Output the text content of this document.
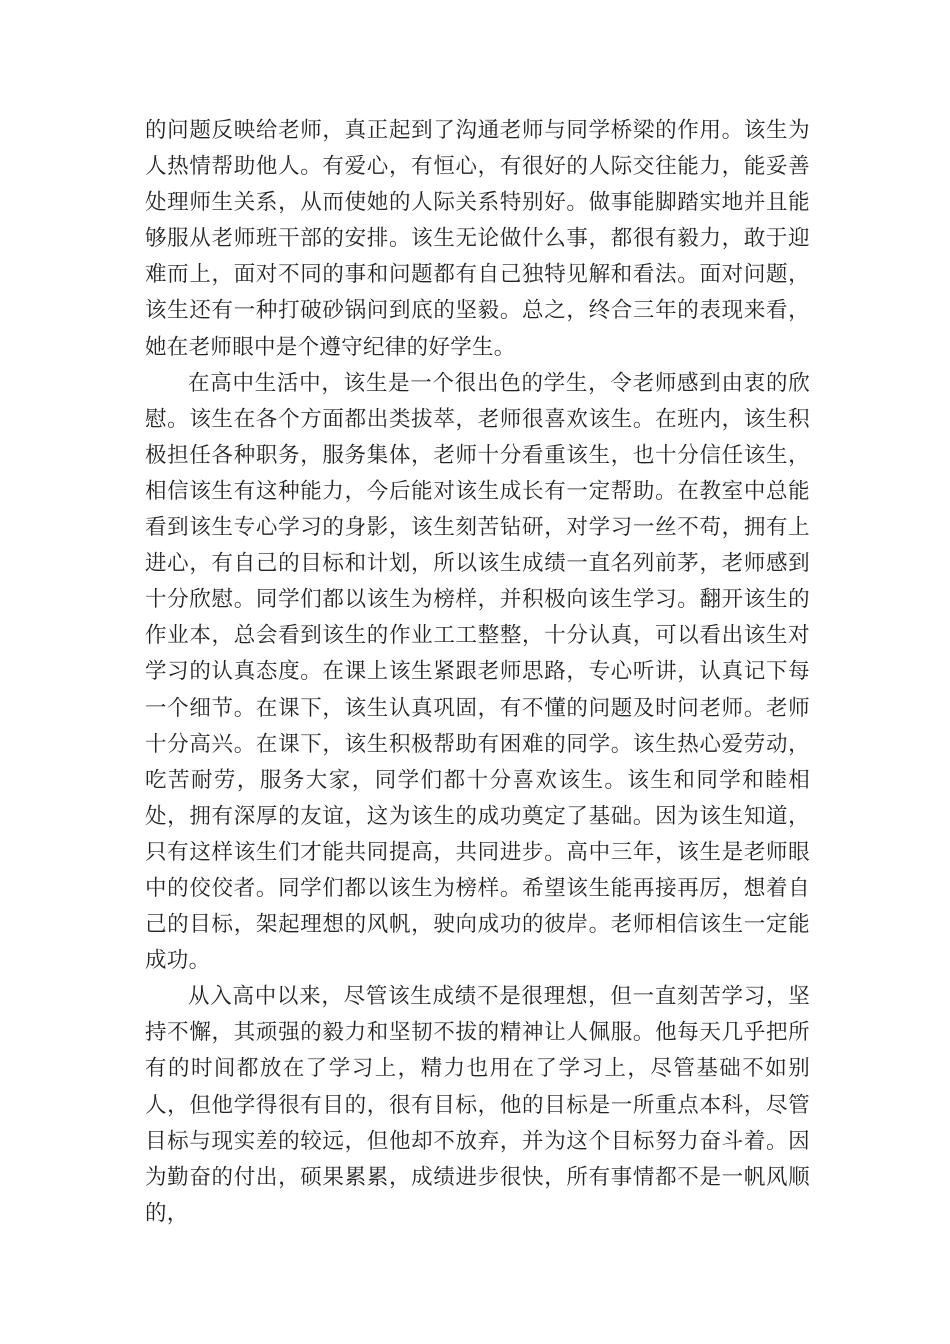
的问题反映给老师，真正起到了沟通老师与同学桥梁的作用。该生为人热情帮助他人。有爱心，有恒心，有很好的人际交往能力，能妥善处理师生关系，从而使她的人际关系特别好。做事能脚踏实地并且能够服从老师班干部的安排。该生无论做什么事，都很有毅力，敢于迎难而上，面对不同的事和问题都有自己独特见解和看法。面对问题，该生还有一种打破砂锅问到底的坚毅。总之，终合三年的表现来看，她在老师眼中是个遵守纪律的好学生。

在高中生活中，该生是一个很出色的学生，令老师感到由衷的欣慰。该生在各个方面都出类拔萃，老师很喜欢该生。在班内，该生积极担任各种职务，服务集体，老师十分看重该生，也十分信任该生，相信该生有这种能力，今后能对该生成长有一定帮助。在教室中总能看到该生专心学习的身影，该生刻苦钻研，对学习一丝不苟，拥有上进心，有自己的目标和计划，所以该生成绩一直名列前茅，老师感到十分欣慰。同学们都以该生为榜样，并积极向该生学习。翻开该生的作业本，总会看到该生的作业工工整整，十分认真，可以看出该生对学习的认真态度。在课上该生紧跟老师思路，专心听讲，认真记下每一个细节。在课下，该生认真巩固，有不懂的问题及时问老师。老师十分高兴。在课下，该生积极帮助有困难的同学。该生热心爱劳动，吃苦耐劳，服务大家，同学们都十分喜欢该生。该生和同学和睦相处，拥有深厚的友谊，这为该生的成功奠定了基础。因为该生知道，只有这样该生们才能共同提高，共同进步。高中三年，该生是老师眼中的佼佼者。同学们都以该生为榜样。希望该生能再接再厉，想着自己的目标，架起理想的风帆，驶向成功的彼岸。老师相信该生一定能成功。

从入高中以来，尽管该生成绩不是很理想，但一直刻苦学习，坚持不懈，其顽强的毅力和坚韧不拔的精神让人佩服。他每天几乎把所有的时间都放在了学习上，精力也用在了学习上，尽管基础不如别人，但他学得很有目的，很有目标，他的目标是一所重点本科，尽管目标与现实差的较远，但他却不放弃，并为这个目标努力奋斗着。因为勤奋的付出，硕果累累，成绩进步很快，所有事情都不是一帆风顺的，
